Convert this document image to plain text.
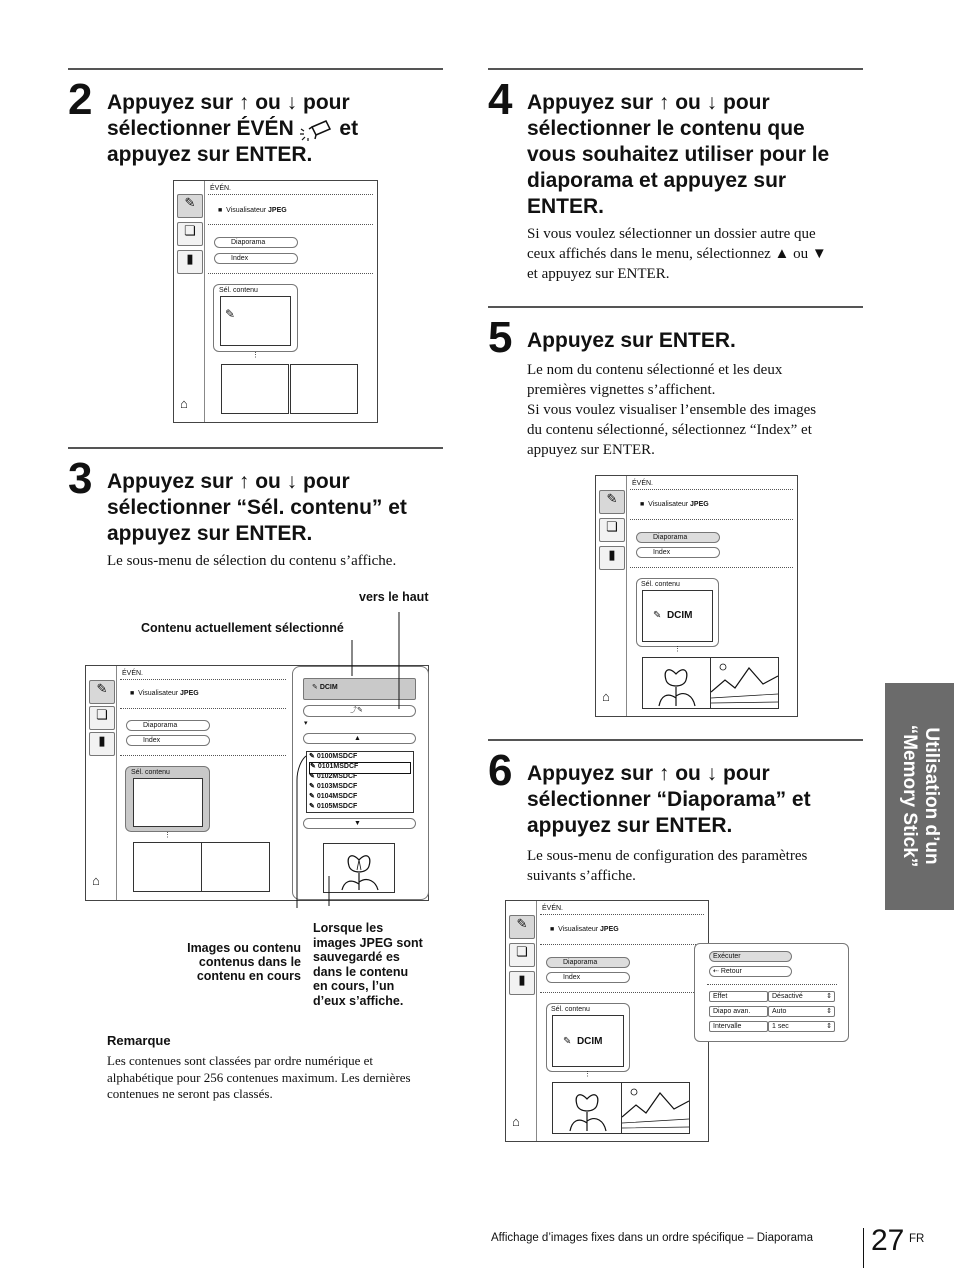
2 Appuyez sur ↑ ou ↓ pour
sélectionner ÉVÉN et
appuyez sur ENTER.
✎
❏
▮
⌂
ÉVÉN.
■  Visualisateur JPEG
Diaporama
Index
Sél. contenu
✎
⋮
3 Appuyez sur ↑ ou ↓ pour
sélectionner “Sél. contenu” et
appuyez sur ENTER.
Le sous-menu de sélection du contenu s’affiche.
vers le haut
Contenu actuellement sélectionné
✎
❏
▮
⌂
ÉVÉN.
■  Visualisateur JPEG
Diaporama
Index
Sél. contenu
⋮
✎ DCIM
⤴✎
▾
▲
✎ 0100MSDCF
✎ 0101MSDCF
✎ 0102MSDCF
✎ 0103MSDCF
✎ 0104MSDCF
✎ 0105MSDCF
▼
Images ou contenu
contenus dans le
contenu en cours
Lorsque les
images JPEG sont
sauvegardé es
dans le contenu
en cours, l’un
d’eux s’affiche.
Remarque
Les contenues sont classées par ordre numérique et
alphabétique pour 256 contenues maximum. Les dernières
contenues ne seront pas classés.
4 Appuyez sur ↑ ou ↓ pour
sélectionner le contenu que
vous souhaitez utiliser pour le
diaporama et appuyez sur
ENTER.
Si vous voulez sélectionner un dossier autre que
ceux affichés dans le menu, sélectionnez ▲ ou ▼
et appuyez sur ENTER.
5 Appuyez sur ENTER.
Le nom du contenu sélectionné et les deux
premières vignettes s’affichent.
Si vous voulez visualiser l’ensemble des images
du contenu sélectionné, sélectionnez “Index” et
appuyez sur ENTER.
✎
❏
▮
⌂
ÉVÉN.
■  Visualisateur JPEG
Diaporama
Index
Sél. contenu
✎  DCIM
⋮
6 Appuyez sur ↑ ou ↓ pour
sélectionner “Diaporama” et
appuyez sur ENTER.
Le sous-menu de configuration des paramètres
suivants s’affiche.
✎
❏
▮
⌂
ÉVÉN.
■  Visualisateur JPEG
Diaporama
Index
Sél. contenu
✎  DCIM
⋮
Exécuter
⇠ Retour
Effet	Désactivé	⇕
Diapo avan.	Auto	⇕
Intervalle	1 sec	⇕
Utilisation d’un
“Memory Stick”
Affichage d’images fixes dans un ordre spécifique – Diaporama 27 FR
